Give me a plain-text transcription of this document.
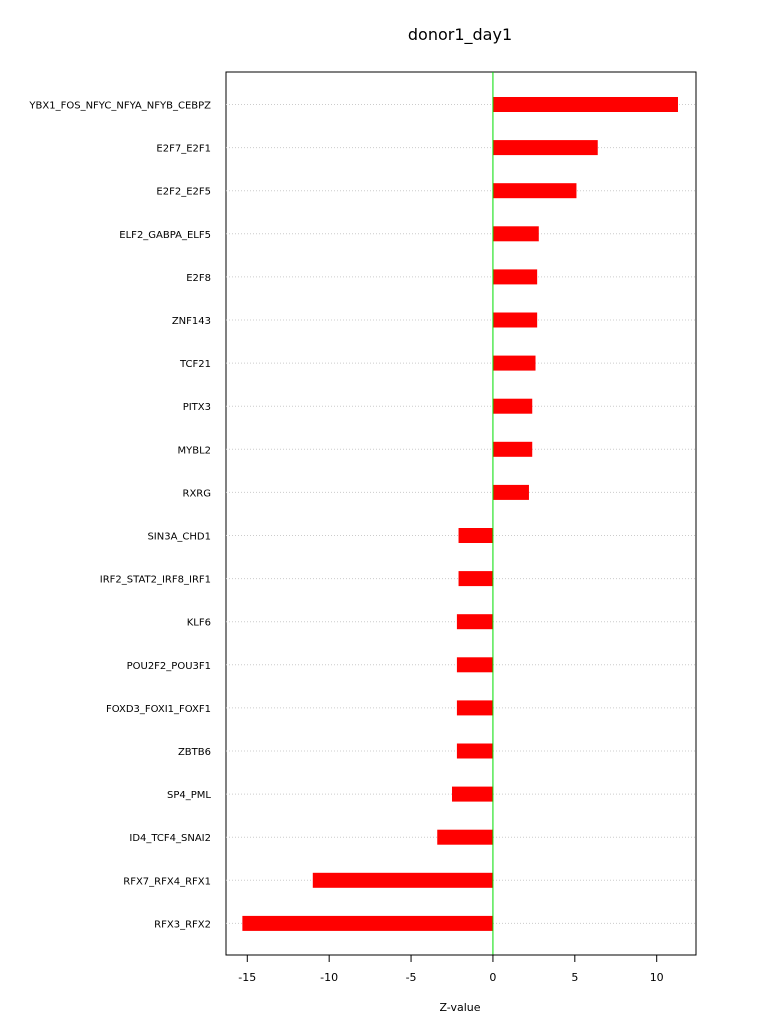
donor1_day1
YBX1_FOS_NFYC_NFYA_NFYB_CEBPZ
E2F7_E2F1
E2F2_E2F5
ELF2_GABPA_ELF5
E2F8
ZNF143
TCF21
PITX3
MYBL2
RXRG
SIN3A_CHD1
IRF2_STAT2_IRF8_IRF1
KLF6
POU2F2_POU3F1
FOXD3_FOXI1_FOXF1
ZBTB6
SP4_PML
ID4_TCF4_SNAI2
RFX7_RFX4_RFX1
RFX3_RFX2
-15	-10	-5	0	5	10
Z-value
